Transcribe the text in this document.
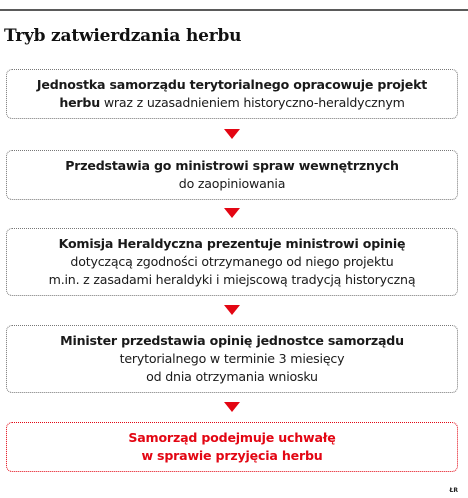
Tryb zatwierdzania herbu
Jednostka samorządu terytorialnego opracowuje projekt
herbu wraz z uzasadnieniem historyczno-heraldycznym
Przedstawia go ministrowi spraw wewnętrznych
do zaopiniowania
Komisja Heraldyczna prezentuje ministrowi opinię
dotyczącą zgodności otrzymanego od niego projektu
m.in. z zasadami heraldyki i miejscową tradycją historyczną
Minister przedstawia opinię jednostce samorządu
terytorialnego w terminie 3 miesięcy
od dnia otrzymania wniosku
Samorząd podejmuje uchwałę
w sprawie przyjęcia herbu
ŁR
